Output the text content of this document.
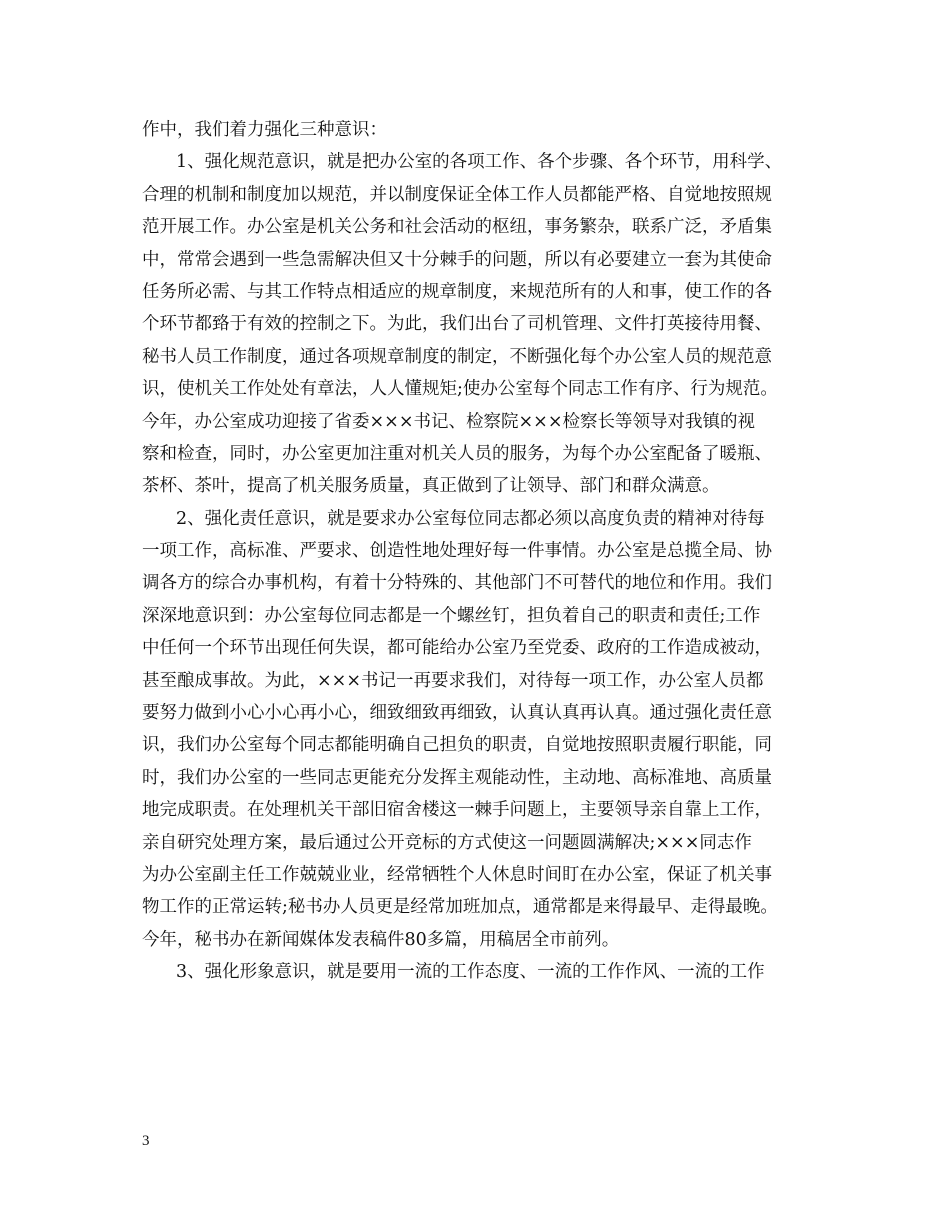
作中，我们着力强化三种意识：
1、强化规范意识，就是把办公室的各项工作、各个步骤、各个环节，用科学、
合理的机制和制度加以规范，并以制度保证全体工作人员都能严格、自觉地按照规
范开展工作。办公室是机关公务和社会活动的枢纽，事务繁杂，联系广泛，矛盾集
中，常常会遇到一些急需解决但又十分棘手的问题，所以有必要建立一套为其使命
任务所必需、与其工作特点相适应的规章制度，来规范所有的人和事，使工作的各
个环节都臵于有效的控制之下。为此，我们出台了司机管理、文件打英接待用餐、
秘书人员工作制度，通过各项规章制度的制定，不断强化每个办公室人员的规范意
识，使机关工作处处有章法，人人懂规矩;使办公室每个同志工作有序、行为规范。
今年，办公室成功迎接了省委×××书记、检察院×××检察长等领导对我镇的视
察和检查，同时，办公室更加注重对机关人员的服务，为每个办公室配备了暖瓶、
茶杯、茶叶，提高了机关服务质量，真正做到了让领导、部门和群众满意。
2、强化责任意识，就是要求办公室每位同志都必须以高度负责的精神对待每
一项工作，高标准、严要求、创造性地处理好每一件事情。办公室是总揽全局、协
调各方的综合办事机构，有着十分特殊的、其他部门不可替代的地位和作用。我们
深深地意识到：办公室每位同志都是一个螺丝钉，担负着自己的职责和责任;工作
中任何一个环节出现任何失误，都可能给办公室乃至党委、政府的工作造成被动，
甚至酿成事故。为此，×××书记一再要求我们，对待每一项工作，办公室人员都
要努力做到小心小心再小心，细致细致再细致，认真认真再认真。通过强化责任意
识，我们办公室每个同志都能明确自己担负的职责，自觉地按照职责履行职能，同
时，我们办公室的一些同志更能充分发挥主观能动性，主动地、高标准地、高质量
地完成职责。在处理机关干部旧宿舍楼这一棘手问题上，主要领导亲自靠上工作，
亲自研究处理方案，最后通过公开竞标的方式使这一问题圆满解决;×××同志作
为办公室副主任工作兢兢业业，经常牺牲个人休息时间盯在办公室，保证了机关事
物工作的正常运转;秘书办人员更是经常加班加点，通常都是来得最早、走得最晚。
今年，秘书办在新闻媒体发表稿件80多篇，用稿居全市前列。
3、强化形象意识，就是要用一流的工作态度、一流的工作作风、一流的工作
3
